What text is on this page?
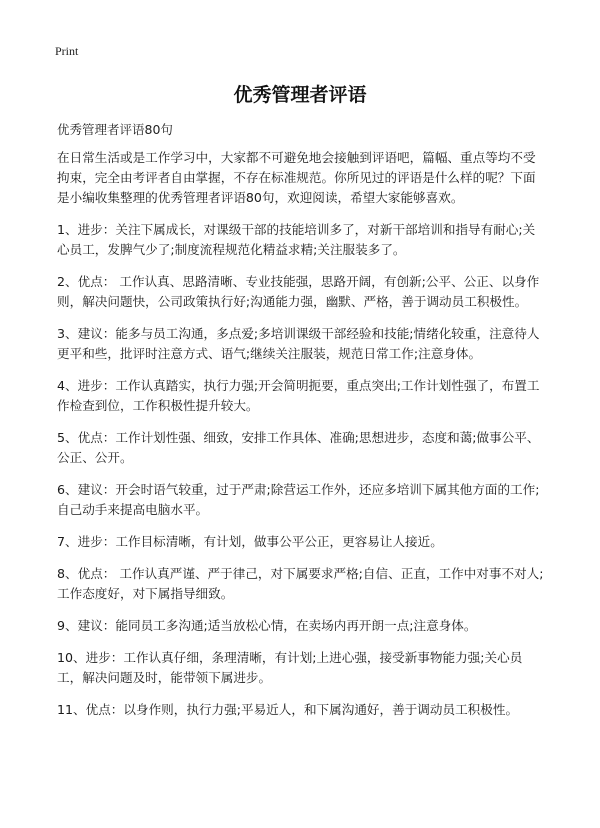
Print
优秀管理者评语
优秀管理者评语80句

在日常生活或是工作学习中，大家都不可避免地会接触到评语吧，篇幅、重点等均不受拘束，完全由考评者自由掌握，不存在标准规范。你所见过的评语是什么样的呢？下面是小编收集整理的优秀管理者评语80句，欢迎阅读，希望大家能够喜欢。

1、进步：关注下属成长，对课级干部的技能培训多了，对新干部培训和指导有耐心;关心员工，发脾气少了;制度流程规范化精益求精;关注服装多了。

2、优点： 工作认真、思路清晰、专业技能强，思路开阔，有创新;公平、公正、以身作则，解决问题快，公司政策执行好;沟通能力强，幽默、严格，善于调动员工积极性。

3、建议：能多与员工沟通，多点爱;多培训课级干部经验和技能;情绪化较重，注意待人更平和些，批评时注意方式、语气;继续关注服装，规范日常工作;注意身体。

4、进步：工作认真踏实，执行力强;开会简明扼要，重点突出;工作计划性强了，布置工作检查到位，工作积极性提升较大。

5、优点：工作计划性强、细致，安排工作具体、准确;思想进步，态度和蔼;做事公平、公正、公开。

6、建议：开会时语气较重，过于严肃;除营运工作外，还应多培训下属其他方面的工作;自己动手来提高电脑水平。

7、进步：工作目标清晰，有计划，做事公平公正，更容易让人接近。

8、优点： 工作认真严谨、严于律己，对下属要求严格;自信、正直，工作中对事不对人;工作态度好，对下属指导细致。

9、建议：能同员工多沟通;适当放松心情，在卖场内再开朗一点;注意身体。

10、进步：工作认真仔细，条理清晰，有计划;上进心强，接受新事物能力强;关心员工，解决问题及时，能带领下属进步。

11、优点：以身作则，执行力强;平易近人，和下属沟通好，善于调动员工积极性。
